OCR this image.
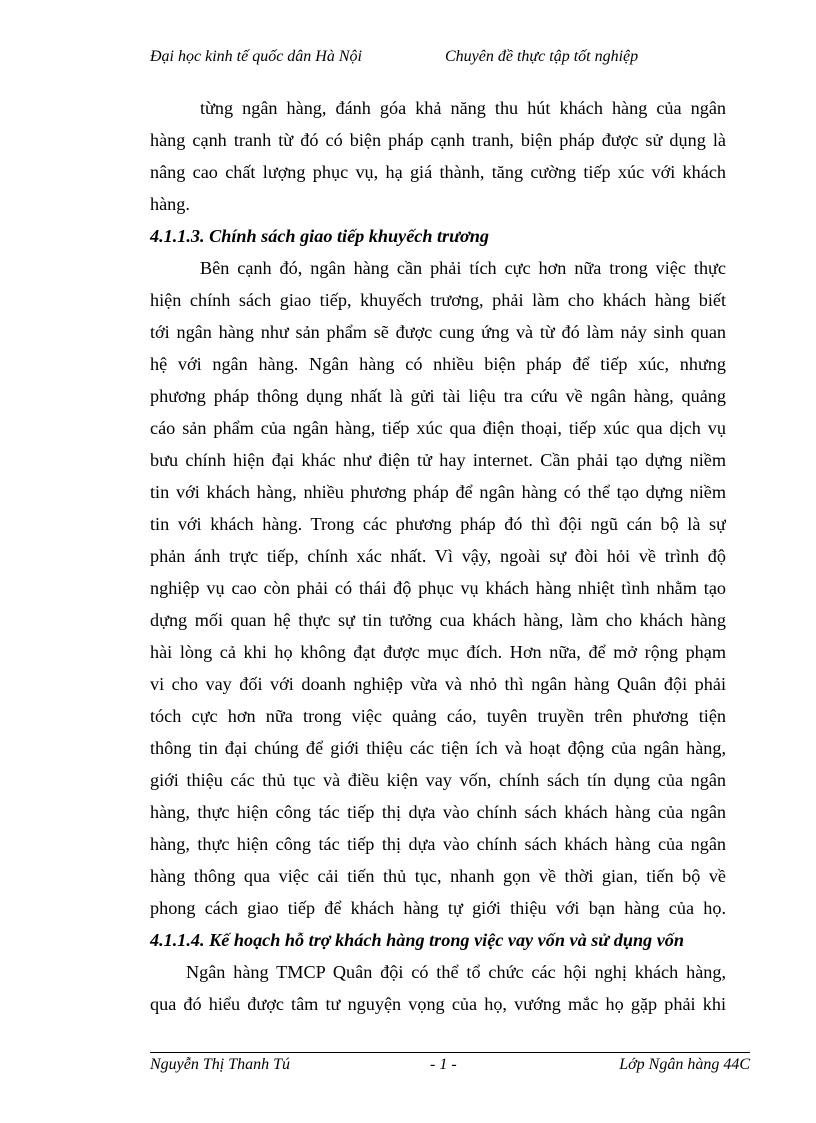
Đại học kinh tế quốc dân Hà Nội	Chuyên đề thực tập tốt nghiệp
từng ngân hàng, đánh góa khả năng thu hút khách hàng của ngân
hàng cạnh tranh từ đó có biện pháp cạnh tranh, biện pháp được sử dụng là
nâng cao chất lượng phục vụ, hạ giá thành, tăng cường tiếp xúc với khách
hàng.
4.1.1.3. Chính sách giao tiếp khuyếch trương
Bên cạnh đó, ngân hàng cần phải tích cực hơn nữa trong việc thực
hiện chính sách giao tiếp, khuyếch trương, phải làm cho khách hàng biết
tới ngân hàng như sản phẩm sẽ được cung ứng và từ đó làm nảy sinh quan
hệ với ngân hàng. Ngân hàng có nhiều biện pháp để tiếp xúc, nhưng
phương pháp thông dụng nhất là gửi tài liệu tra cứu về ngân hàng, quảng
cáo sản phẩm của ngân hàng, tiếp xúc qua điện thoại, tiếp xúc qua dịch vụ
bưu chính hiện đại khác như điện tử hay internet. Cần phải tạo dựng niềm
tin với khách hàng, nhiều phương pháp để ngân hàng có thể tạo dựng niềm
tin với khách hàng. Trong các phương pháp đó thì đội ngũ cán bộ là sự
phản ánh trực tiếp, chính xác nhất. Vì vậy, ngoài sự đòi hỏi về trình độ
nghiệp vụ cao còn phải có thái độ phục vụ khách hàng nhiệt tình nhằm tạo
dựng mối quan hệ thực sự tin tưởng cua khách hàng, làm cho khách hàng
hài lòng cả khi họ không đạt được mục đích. Hơn nữa, để mở rộng phạm
vi cho vay đối với doanh nghiệp vừa và nhỏ thì ngân hàng Quân đội phải
tóch cực hơn nữa trong việc quảng cáo, tuyên truyền trên phương tiện
thông tin đại chúng để giới thiệu các tiện ích và hoạt động của ngân hàng,
giới thiệu các thủ tục và điều kiện vay vốn, chính sách tín dụng của ngân
hàng, thực hiện công tác tiếp thị dựa vào chính sách khách hàng của ngân
hàng, thực hiện công tác tiếp thị dựa vào chính sách khách hàng của ngân
hàng thông qua việc cải tiến thủ tục, nhanh gọn về thời gian, tiến bộ về
phong cách giao tiếp để khách hàng tự giới thiệu với bạn hàng của họ.
4.1.1.4. Kế hoạch hỗ trợ khách hàng trong việc vay vốn và sử dụng vốn
Ngân hàng TMCP Quân đội có thể tổ chức các hội nghị khách hàng,
qua đó hiểu được tâm tư nguyện vọng của họ, vướng mắc họ gặp phải khi
Nguyễn Thị Thanh Tú	- 1 -	Lớp Ngân hàng 44C
